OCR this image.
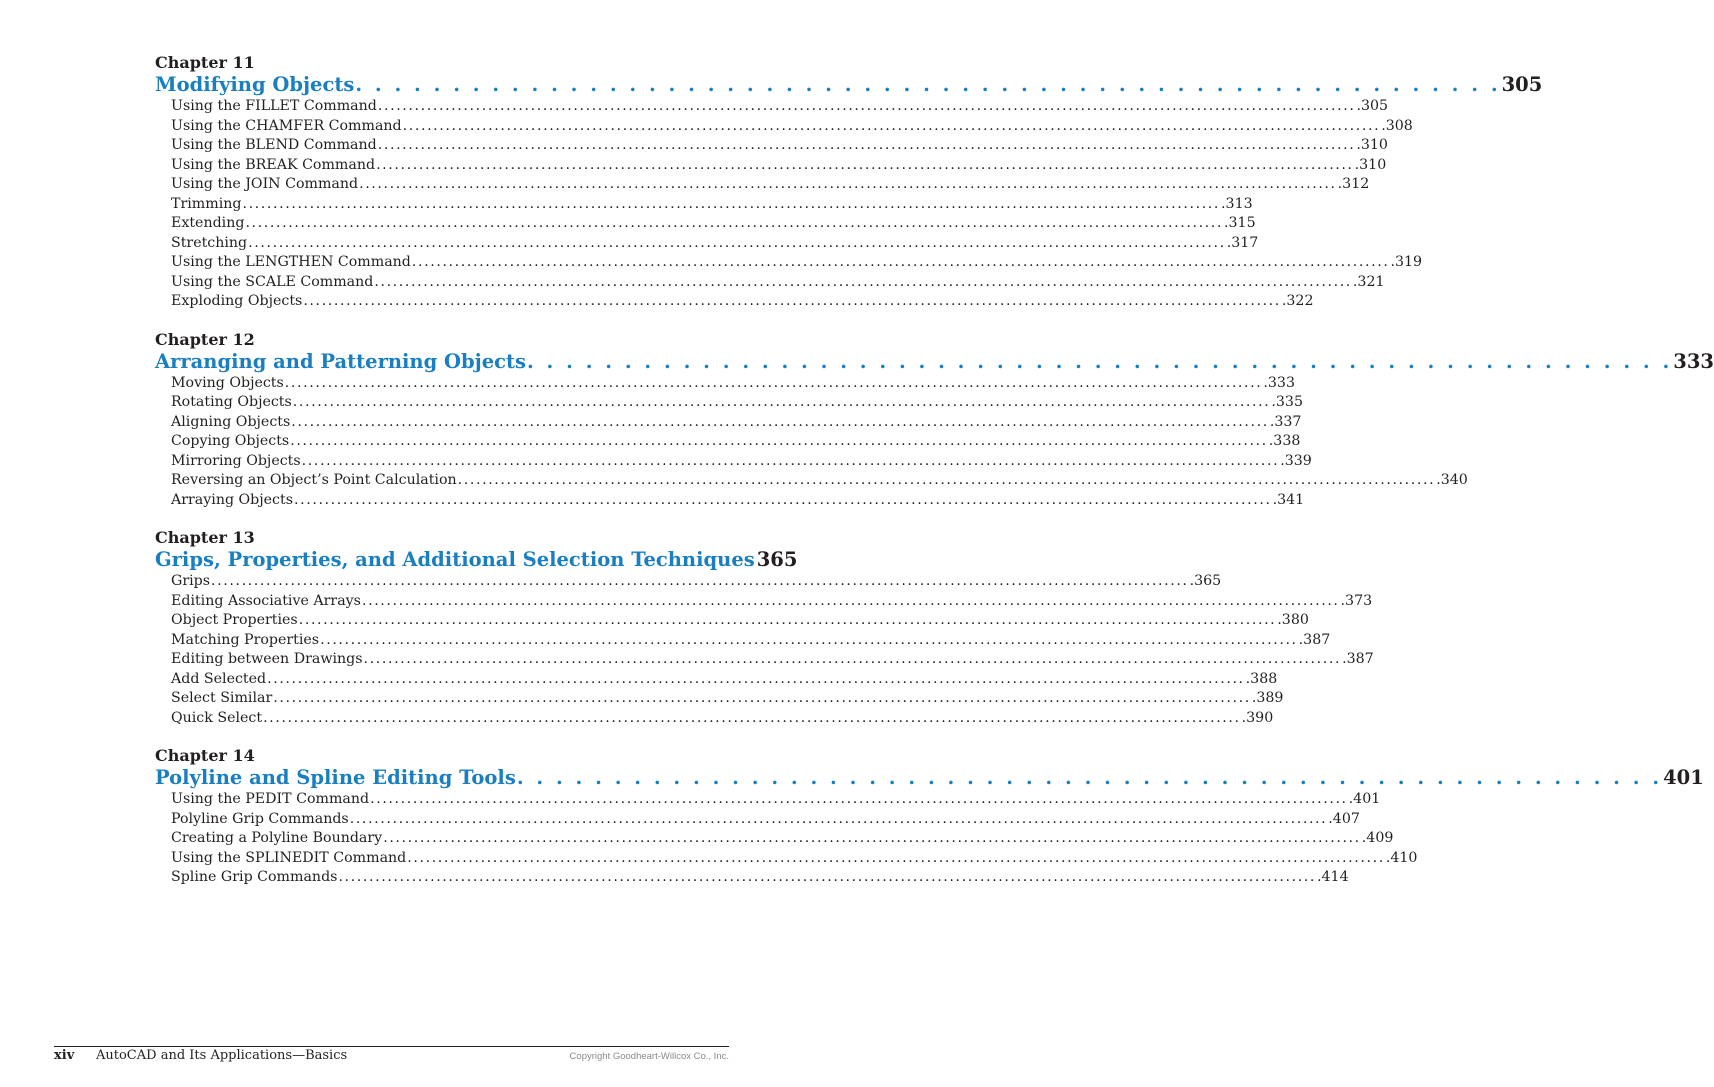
Chapter 11
Modifying Objects . . .	305
Using the FILLET Command .....	.305
Using the CHAMFER Command .....	.308
Using the BLEND Command .....	.310
Using the BREAK Command .....	.310
Using the JOIN Command .....	.312
Trimming .....	.313
Extending .....	.315
Stretching .....	.317
Using the LENGTHEN Command .....	.319
Using the SCALE Command .....	.321
Exploding Objects .....	.322
Chapter 12
Arranging and Patterning Objects . . .	333
Moving Objects .....	.333
Rotating Objects .....	.335
Aligning Objects .....	.337
Copying Objects .....	.338
Mirroring Objects .....	.339
Reversing an Object’s Point Calculation .....	.340
Arraying Objects .....	.341
Chapter 13
Grips, Properties, and Additional Selection Techniques 365
Grips .....	.365
Editing Associative Arrays .....	.373
Object Properties .....	.380
Matching Properties .....	.387
Editing between Drawings .....	.387
Add Selected .....	.388
Select Similar .....	.389
Quick Select .....	.390
Chapter 14
Polyline and Spline Editing Tools . . .	401
Using the PEDIT Command .....	.401
Polyline Grip Commands .....	.407
Creating a Polyline Boundary .....	.409
Using the SPLINEDIT Command .....	.410
Spline Grip Commands .....	.414
xiv	AutoCAD and Its Applications—Basics	Copyright Goodheart-Willcox Co., Inc.
